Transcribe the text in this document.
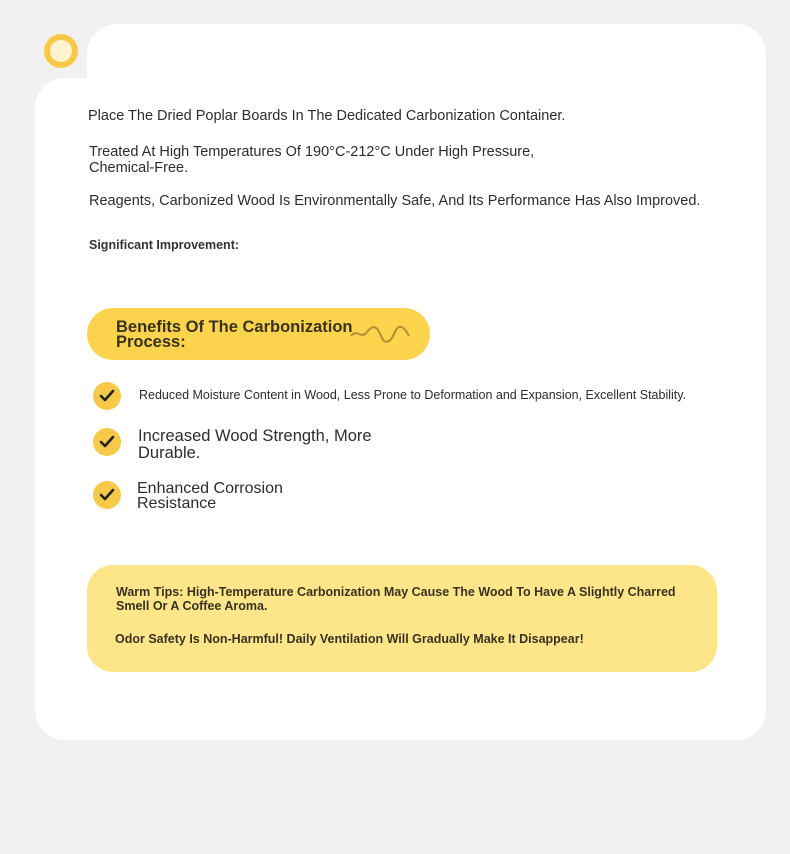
Place The Dried Poplar Boards In The Dedicated Carbonization Container.
Treated At High Temperatures Of 190°C-212°C Under High Pressure, Chemical-Free.
Reagents, Carbonized Wood Is Environmentally Safe, And Its Performance Has Also Improved.
Significant Improvement:
Benefits Of The Carbonization Process:
Reduced Moisture Content in Wood, Less Prone to Deformation and Expansion, Excellent Stability.
Increased Wood Strength, More Durable.
Enhanced Corrosion Resistance
Warm Tips: High-Temperature Carbonization May Cause The Wood To Have A Slightly Charred Smell Or A Coffee Aroma.
Odor Safety Is Non-Harmful! Daily Ventilation Will Gradually Make It Disappear!
